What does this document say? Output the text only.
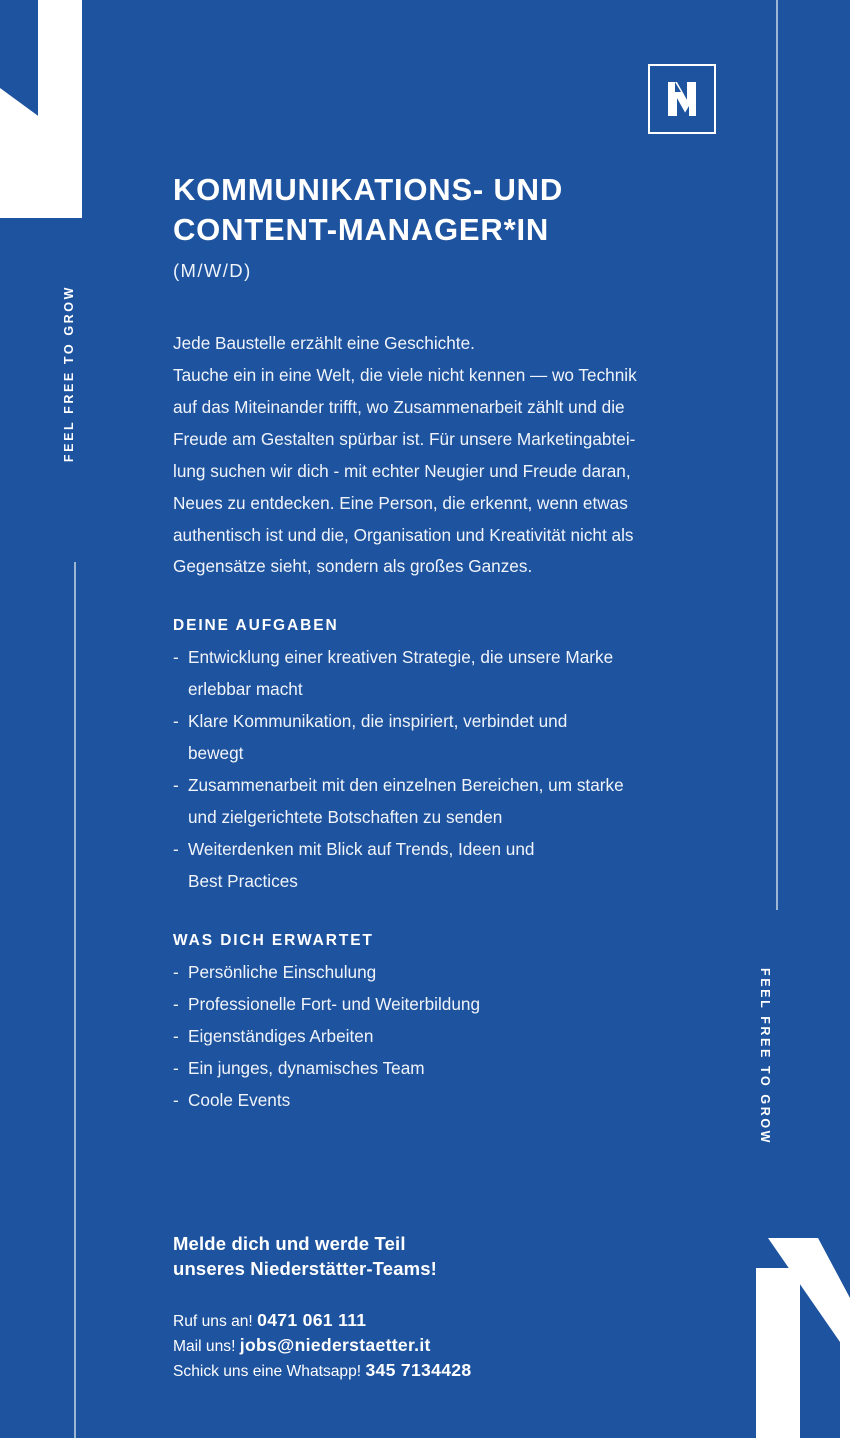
FEEL FREE TO GROW
FEEL FREE TO GROW
KOMMUNIKATIONS- UND
CONTENT-MANAGER*IN
(M/W/D)
Jede Baustelle erzählt eine Geschichte.
Tauche ein in eine Welt, die viele nicht kennen — wo Technik
auf das Miteinander trifft, wo Zusammenarbeit zählt und die
Freude am Gestalten spürbar ist. Für unsere Marketingabtei-
lung suchen wir dich - mit echter Neugier und Freude daran,
Neues zu entdecken. Eine Person, die erkennt, wenn etwas
authentisch ist und die, Organisation und Kreativität nicht als
Gegensätze sieht, sondern als großes Ganzes.
DEINE AUFGABEN
- Entwicklung einer kreativen Strategie, die unsere Marke
erlebbar macht
- Klare Kommunikation, die inspiriert, verbindet und
bewegt
- Zusammenarbeit mit den einzelnen Bereichen, um starke
und zielgerichtete Botschaften zu senden
- Weiterdenken mit Blick auf Trends, Ideen und
Best Practices
WAS DICH ERWARTET
- Persönliche Einschulung
- Professionelle Fort- und Weiterbildung
- Eigenständiges Arbeiten
- Ein junges, dynamisches Team
- Coole Events
Melde dich und werde Teil
unseres Niederstätter-Teams!
Ruf uns an! 0471 061 111
Mail uns! jobs@niederstaetter.it
Schick uns eine Whatsapp! 345 7134428
